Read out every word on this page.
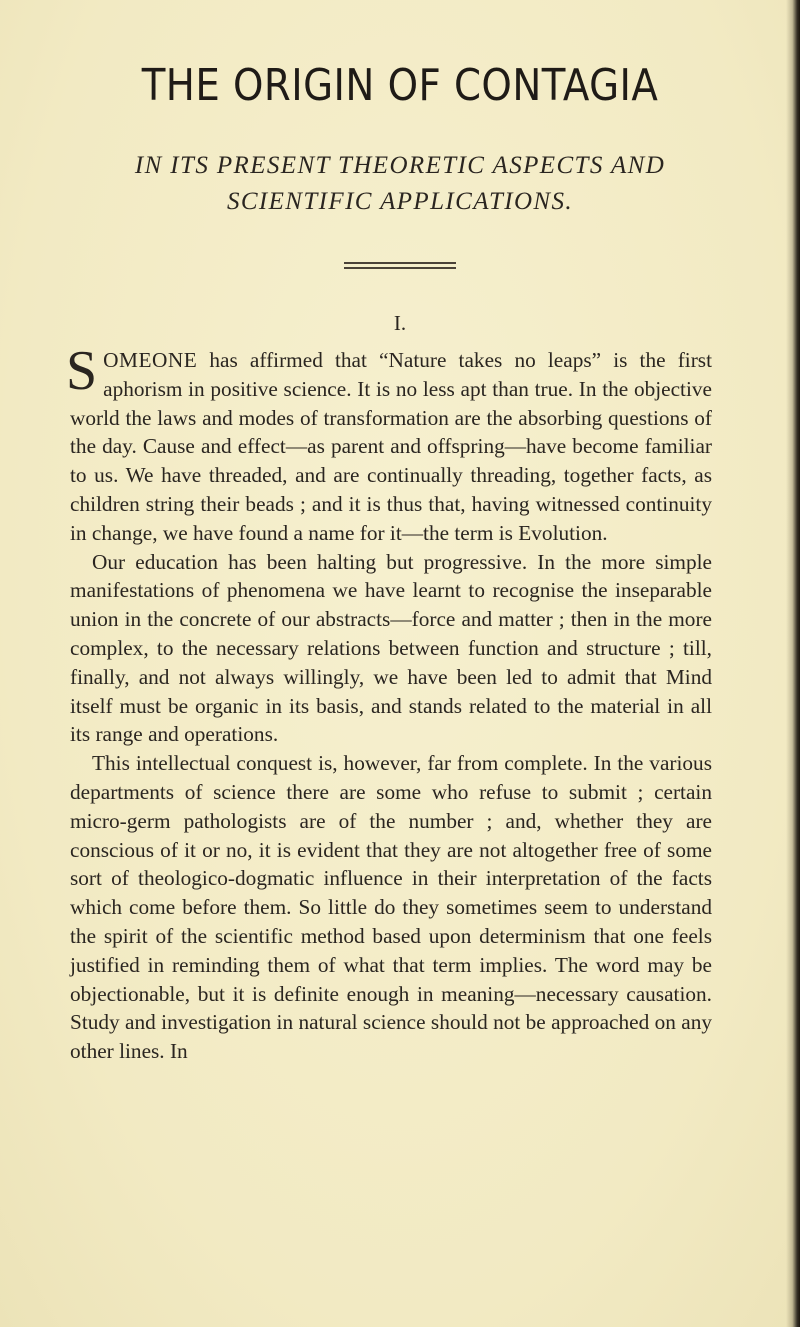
THE ORIGIN OF CONTAGIA
IN ITS PRESENT THEORETIC ASPECTS AND
SCIENTIFIC APPLICATIONS.
I.

SOMEONE has affirmed that “Nature takes no leaps” is the first aphorism in positive science. It is no less apt than true. In the objective world the laws and modes of transformation are the absorbing questions of the day. Cause and effect—as parent and offspring—have become familiar to us. We have threaded, and are continually threading, together facts, as children string their beads ; and it is thus that, having witnessed continuity in change, we have found a name for it—the term is Evolution.

Our education has been halting but progressive. In the more simple manifestations of phenomena we have learnt to recognise the inseparable union in the concrete of our abstracts—force and matter ; then in the more complex, to the necessary relations between function and structure ; till, finally, and not always willingly, we have been led to admit that Mind itself must be organic in its basis, and stands related to the material in all its range and operations.

This intellectual conquest is, however, far from complete. In the various departments of science there are some who refuse to submit ; certain micro-germ pathologists are of the number ; and, whether they are conscious of it or no, it is evident that they are not altogether free of some sort of theologico-dogmatic influence in their interpretation of the facts which come before them. So little do they sometimes seem to understand the spirit of the scientific method based upon determinism that one feels justified in reminding them of what that term implies. The word may be objectionable, but it is definite enough in meaning—necessary causation. Study and investigation in natural science should not be approached on any other lines. In
